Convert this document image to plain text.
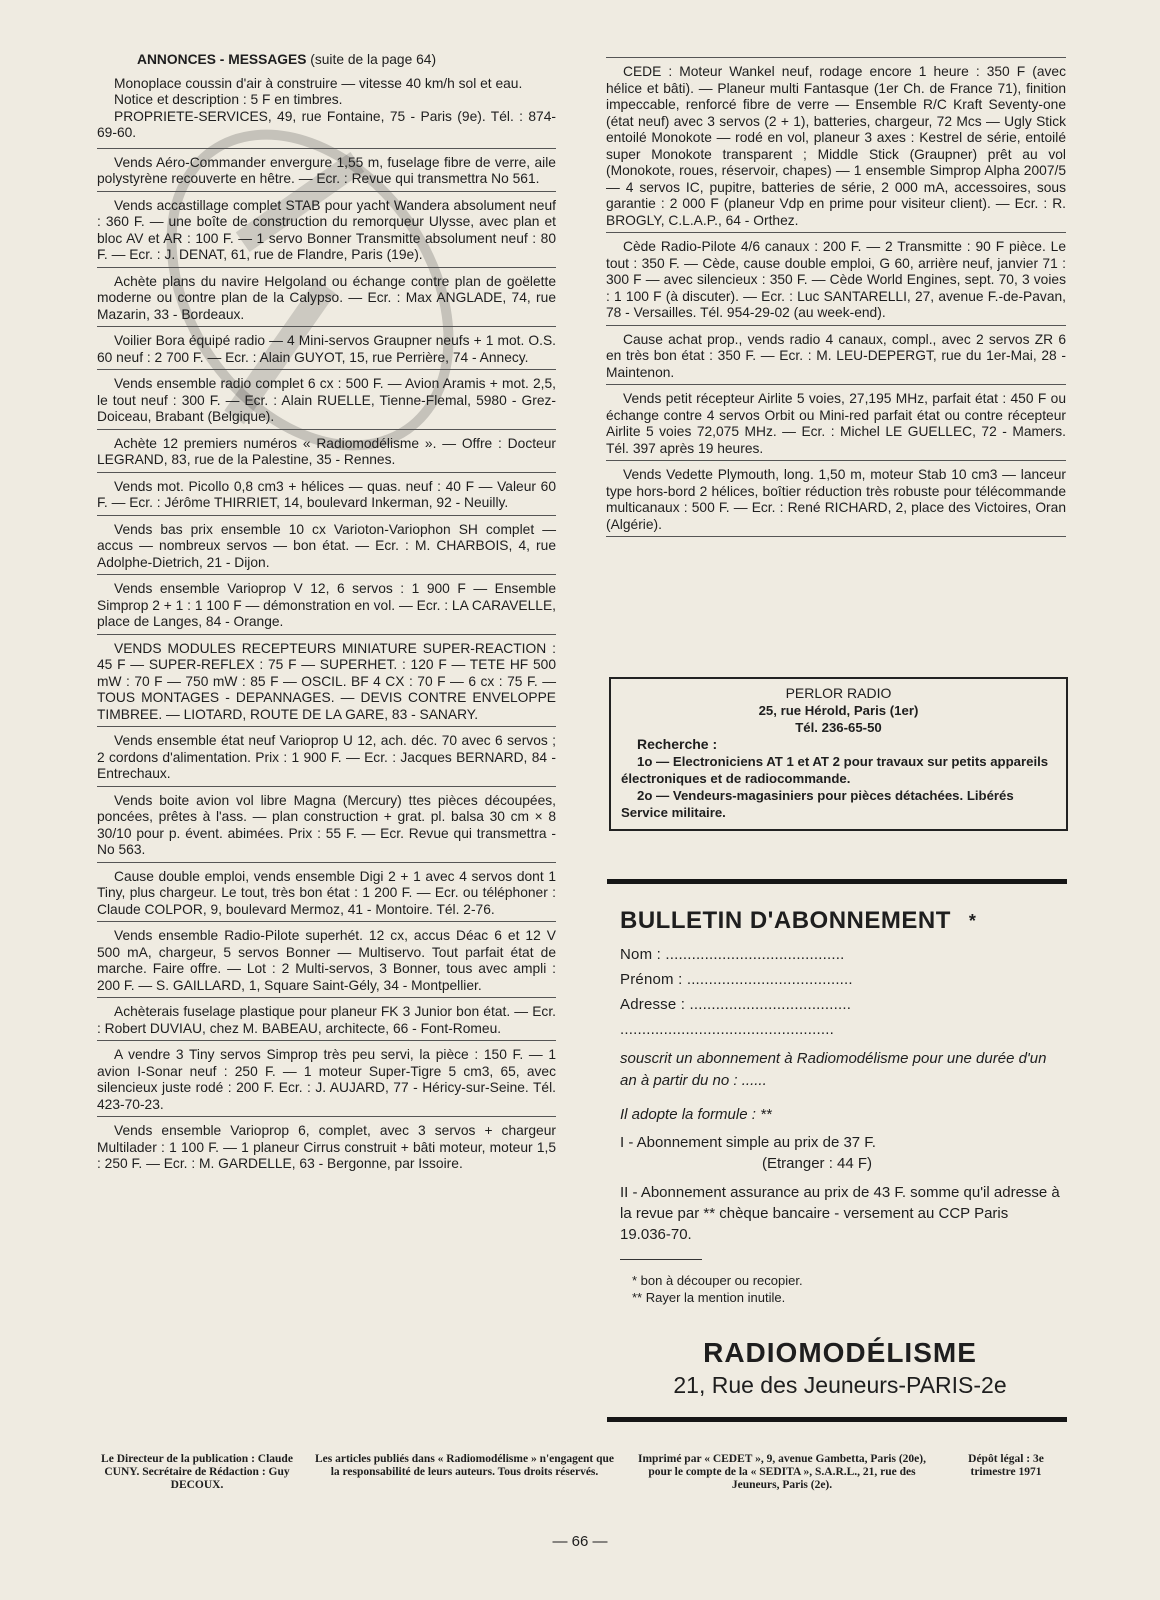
ANNONCES - MESSAGES (suite de la page 64)

Monoplace coussin d'air à construire — vitesse 40 km/h sol et eau.

Notice et description : 5 F en timbres.

PROPRIETE-SERVICES, 49, rue Fontaine, 75 - Paris (9e). Tél. : 874-69-60.

Vends Aéro-Commander envergure 1,55 m, fuselage fibre de verre, aile polystyrène recouverte en hêtre. — Ecr. : Revue qui transmettra No 561.

Vends accastillage complet STAB pour yacht Wandera absolument neuf : 360 F. — une boîte de construction du remorqueur Ulysse, avec plan et bloc AV et AR : 100 F. — 1 servo Bonner Transmitte absolument neuf : 80 F. — Ecr. : J. DENAT, 61, rue de Flandre, Paris (19e).

Achète plans du navire Helgoland ou échange contre plan de goëlette moderne ou contre plan de la Calypso. — Ecr. : Max ANGLADE, 74, rue Mazarin, 33 - Bordeaux.

Voilier Bora équipé radio — 4 Mini-servos Graupner neufs + 1 mot. O.S. 60 neuf : 2 700 F. — Ecr. : Alain GUYOT, 15, rue Perrière, 74 - Annecy.

Vends ensemble radio complet 6 cx : 500 F. — Avion Aramis + mot. 2,5, le tout neuf : 300 F. — Ecr. : Alain RUELLE, Tienne-Flemal, 5980 - Grez-Doiceau, Brabant (Belgique).

Achète 12 premiers numéros « Radiomodélisme ». — Offre : Docteur LEGRAND, 83, rue de la Palestine, 35 - Rennes.

Vends mot. Picollo 0,8 cm3 + hélices — quas. neuf : 40 F — Valeur 60 F. — Ecr. : Jérôme THIRRIET, 14, boulevard Inkerman, 92 - Neuilly.

Vends bas prix ensemble 10 cx Varioton-Variophon SH complet — accus — nombreux servos — bon état. — Ecr. : M. CHARBOIS, 4, rue Adolphe-Dietrich, 21 - Dijon.

Vends ensemble Varioprop V 12, 6 servos : 1 900 F — Ensemble Simprop 2 + 1 : 1 100 F — démonstration en vol. — Ecr. : LA CARAVELLE, place de Langes, 84 - Orange.

VENDS MODULES RECEPTEURS MINIATURE SUPER-REACTION : 45 F — SUPER-REFLEX : 75 F — SUPERHET. : 120 F — TETE HF 500 mW : 70 F — 750 mW : 85 F — OSCIL. BF 4 CX : 70 F — 6 cx : 75 F. — TOUS MONTAGES - DEPANNAGES. — DEVIS CONTRE ENVELOPPE TIMBREE. — LIOTARD, ROUTE DE LA GARE, 83 - SANARY.

Vends ensemble état neuf Varioprop U 12, ach. déc. 70 avec 6 servos ; 2 cordons d'alimentation. Prix : 1 900 F. — Ecr. : Jacques BERNARD, 84 - Entrechaux.

Vends boite avion vol libre Magna (Mercury) ttes pièces découpées, poncées, prêtes à l'ass. — plan construction + grat. pl. balsa 30 cm × 8 30/10 pour p. évent. abimées. Prix : 55 F. — Ecr. Revue qui transmettra - No 563.

Cause double emploi, vends ensemble Digi 2 + 1 avec 4 servos dont 1 Tiny, plus chargeur. Le tout, très bon état : 1 200 F. — Ecr. ou téléphoner : Claude COLPOR, 9, boulevard Mermoz, 41 - Montoire. Tél. 2-76.

Vends ensemble Radio-Pilote superhét. 12 cx, accus Déac 6 et 12 V 500 mA, chargeur, 5 servos Bonner — Multiservo. Tout parfait état de marche. Faire offre. — Lot : 2 Multi-servos, 3 Bonner, tous avec ampli : 200 F. — S. GAILLARD, 1, Square Saint-Gély, 34 - Montpellier.

Achèterais fuselage plastique pour planeur FK 3 Junior bon état. — Ecr. : Robert DUVIAU, chez M. BABEAU, architecte, 66 - Font-Romeu.

A vendre 3 Tiny servos Simprop très peu servi, la pièce : 150 F. — 1 avion I-Sonar neuf : 250 F. — 1 moteur Super-Tigre 5 cm3, 65, avec silencieux juste rodé : 200 F. Ecr. : J. AUJARD, 77 - Héricy-sur-Seine. Tél. 423-70-23.

Vends ensemble Varioprop 6, complet, avec 3 servos + chargeur Multilader : 1 100 F. — 1 planeur Cirrus construit + bâti moteur, moteur 1,5 : 250 F. — Ecr. : M. GARDELLE, 63 - Bergonne, par Issoire.

CEDE : Moteur Wankel neuf, rodage encore 1 heure : 350 F (avec hélice et bâti). — Planeur multi Fantasque (1er Ch. de France 71), finition impeccable, renforcé fibre de verre — Ensemble R/C Kraft Seventy-one (état neuf) avec 3 servos (2 + 1), batteries, chargeur, 72 Mcs — Ugly Stick entoilé Monokote — rodé en vol, planeur 3 axes : Kestrel de série, entoilé super Monokote transparent ; Middle Stick (Graupner) prêt au vol (Monokote, roues, réservoir, chapes) — 1 ensemble Simprop Alpha 2007/5 — 4 servos IC, pupitre, batteries de série, 2 000 mA, accessoires, sous garantie : 2 000 F (planeur Vdp en prime pour visiteur client). — Ecr. : R. BROGLY, C.L.A.P., 64 - Orthez.

Cède Radio-Pilote 4/6 canaux : 200 F. — 2 Transmitte : 90 F pièce. Le tout : 350 F. — Cède, cause double emploi, G 60, arrière neuf, janvier 71 : 300 F — avec silencieux : 350 F. — Cède World Engines, sept. 70, 3 voies : 1 100 F (à discuter). — Ecr. : Luc SANTARELLI, 27, avenue F.-de-Pavan, 78 - Versailles. Tél. 954-29-02 (au week-end).

Cause achat prop., vends radio 4 canaux, compl., avec 2 servos ZR 6 en très bon état : 350 F. — Ecr. : M. LEU-DEPERGT, rue du 1er-Mai, 28 - Maintenon.

Vends petit récepteur Airlite 5 voies, 27,195 MHz, parfait état : 450 F ou échange contre 4 servos Orbit ou Mini-red parfait état ou contre récepteur Airlite 5 voies 72,075 MHz. — Ecr. : Michel LE GUELLEC, 72 - Mamers. Tél. 397 après 19 heures.

Vends Vedette Plymouth, long. 1,50 m, moteur Stab 10 cm3 — lanceur type hors-bord 2 hélices, boîtier réduction très robuste pour télécommande multicanaux : 500 F. — Ecr. : René RICHARD, 2, place des Victoires, Oran (Algérie).

PERLOR RADIO
25, rue Hérold, Paris (1er)
Tél. 236-65-50
Recherche :
1o — Electroniciens AT 1 et AT 2 pour travaux sur petits appareils électroniques et de radiocommande.
2o — Vendeurs-magasiniers pour pièces détachées. Libérés Service militaire.
BULLETIN D'ABONNEMENT *
Nom : .........................................
Prénom : ......................................
Adresse : .....................................
.................................................
souscrit un abonnement à Radiomodélisme pour une durée d'un an à partir du no : ......
Il adopte la formule : **
I - Abonnement simple au prix de 37 F.
(Etranger : 44 F)
II - Abonnement assurance au prix de 43 F. somme qu'il adresse à la revue par ** chèque bancaire - versement au CCP Paris 19.036-70.
* bon à découper ou recopier.
** Rayer la mention inutile.
RADIOMODÉLISME
21, Rue des Jeuneurs-PARIS-2e
Le Directeur de la publication : Claude CUNY. Secrétaire de Rédaction : Guy DECOUX.
Les articles publiés dans « Radiomodélisme » n'engagent que la responsabilité de leurs auteurs. Tous droits réservés.
Imprimé par « CEDET », 9, avenue Gambetta, Paris (20e), pour le compte de la « SEDITA », S.A.R.L., 21, rue des Jeuneurs, Paris (2e).
Dépôt légal : 3e trimestre 1971
— 66 —
